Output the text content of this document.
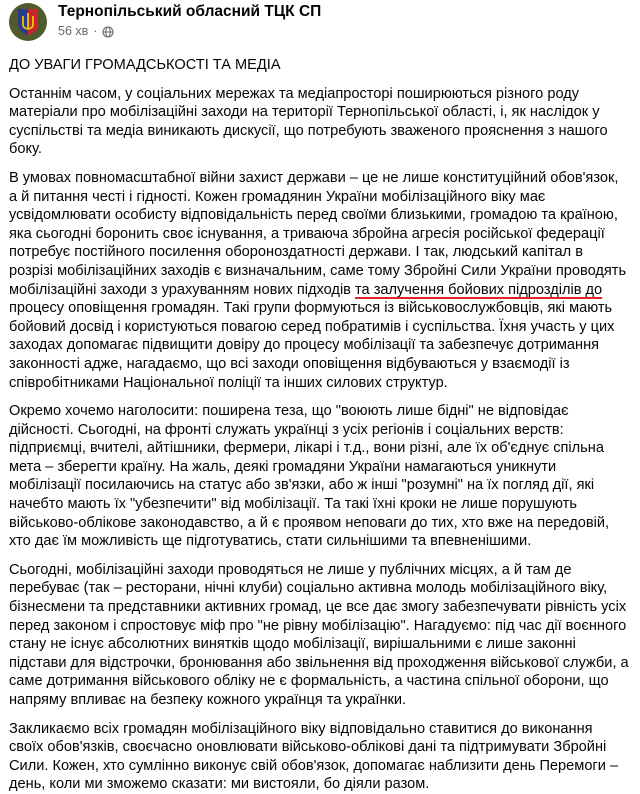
Тернопільський обласний ТЦК СП
56 хв ·

ДО УВАГИ ГРОМАДСЬКОСТІ ТА МЕДІА

Останнім часом, у соціальних мережах та медіапросторі поширюються різного роду матеріали про мобілізаційні заходи на території Тернопільської області, і, як наслідок у суспільстві та медіа виникають дискусії, що потребують зваженого прояснення з нашого боку.

В умовах повномасштабної війни захист держави – це не лише конституційний обов'язок, а й питання честі і гідності. Кожен громадянин України мобілізаційного віку має усвідомлювати особисту відповідальність перед своїми близькими, громадою та країною, яка сьогодні боронить своє існування, а триваюча збройна агресія російської федерації потребує постійного посилення обороноздатності держави. І так, людський капітал в розрізі мобілізаційних заходів є визначальним, саме тому Збройні Сили України проводять мобілізаційні заходи з урахуванням нових підходів та залучення бойових підрозділів до процесу оповіщення громадян. Такі групи формуються із військовослужбовців, які мають бойовий досвід і користуються повагою серед побратимів і суспільства. Їхня участь у цих заходах допомагає підвищити довіру до процесу мобілізації та забезпечує дотримання законності адже, нагадаємо, що всі заходи оповіщення відбуваються у взаємодії із співробітниками Національної поліції та інших силових структур.

Окремо хочемо наголосити: поширена теза, що "воюють лише бідні" не відповідає дійсності. Сьогодні, на фронті служать українці з усіх регіонів і соціальних верств: підприємці, вчителі, айтішники, фермери, лікарі і т.д., вони різні, але їх об'єднує спільна мета – зберегти країну. На жаль, деякі громадяни України намагаються уникнути мобілізації посилаючись на статус або зв'язки, або ж інші "розумні" на їх погляд дії, які начебто мають їх "убезпечити" від мобілізації. Та такі їхні кроки не лише порушують військово-облікове законодавство, а й є проявом неповаги до тих, хто вже на передовій, хто дає їм можливість ще підготуватись, стати сильнішими та впевненішими.

Сьогодні, мобілізаційні заходи проводяться не лише у публічних місцях, а й там де перебуває (так – ресторани, нічні клуби) соціально активна молодь мобілізаційного віку, бізнесмени та представники активних громад, це все дає змогу забезпечувати рівність усіх перед законом і спростовує міф про "не рівну мобілізацію". Нагадуємо: під час дії воєнного стану не існує абсолютних винятків щодо мобілізації, вирішальними є лише законні підстави для відстрочки, бронювання або звільнення від проходження військової служби, а саме дотримання військового обліку не є формальність, а частина спільної оборони, що напряму впливає на безпеку кожного українця та українки.

Закликаємо всіх громадян мобілізаційного віку відповідально ставитися до виконання своїх обов'язків, своєчасно оновлювати військово-облікові дані та підтримувати Збройні Сили. Кожен, хто сумлінно виконує свій обов'язок, допомагає наблизити день Перемоги – день, коли ми зможемо сказати: ми вистояли, бо діяли разом.
